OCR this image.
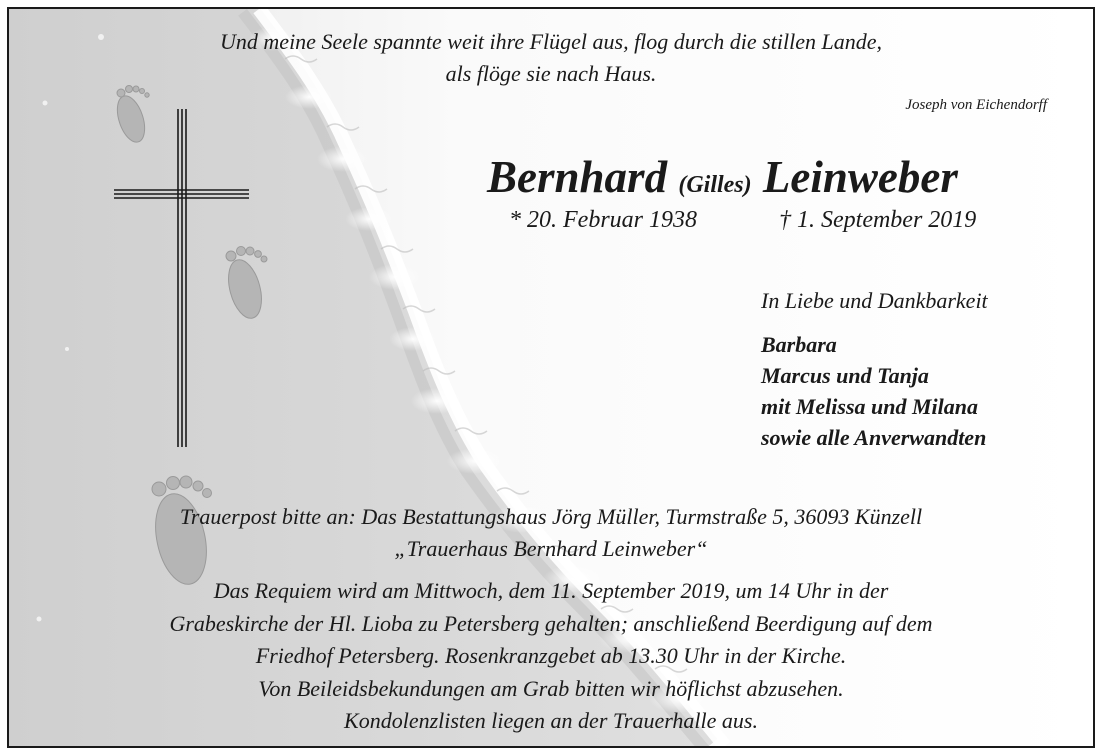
Und meine Seele spannte weit ihre Flügel aus, flog durch die stillen Lande,
als flöge sie nach Haus.
Joseph von Eichendorff
Bernhard (Gilles) Leinweber
* 20. Februar 1938	† 1. September 2019
In Liebe und Dankbarkeit
Barbara
Marcus und Tanja
mit Melissa und Milana
sowie alle Anverwandten
Trauerpost bitte an: Das Bestattungshaus Jörg Müller, Turmstraße 5, 36093 Künzell
„Trauerhaus Bernhard Leinweber“
Das Requiem wird am Mittwoch, dem 11. September 2019, um 14 Uhr in der
Grabeskirche der Hl. Lioba zu Petersberg gehalten; anschließend Beerdigung auf dem
Friedhof Petersberg. Rosenkranzgebet ab 13.30 Uhr in der Kirche.
Von Beileidsbekundungen am Grab bitten wir höflichst abzusehen.
Kondolenzlisten liegen an der Trauerhalle aus.
